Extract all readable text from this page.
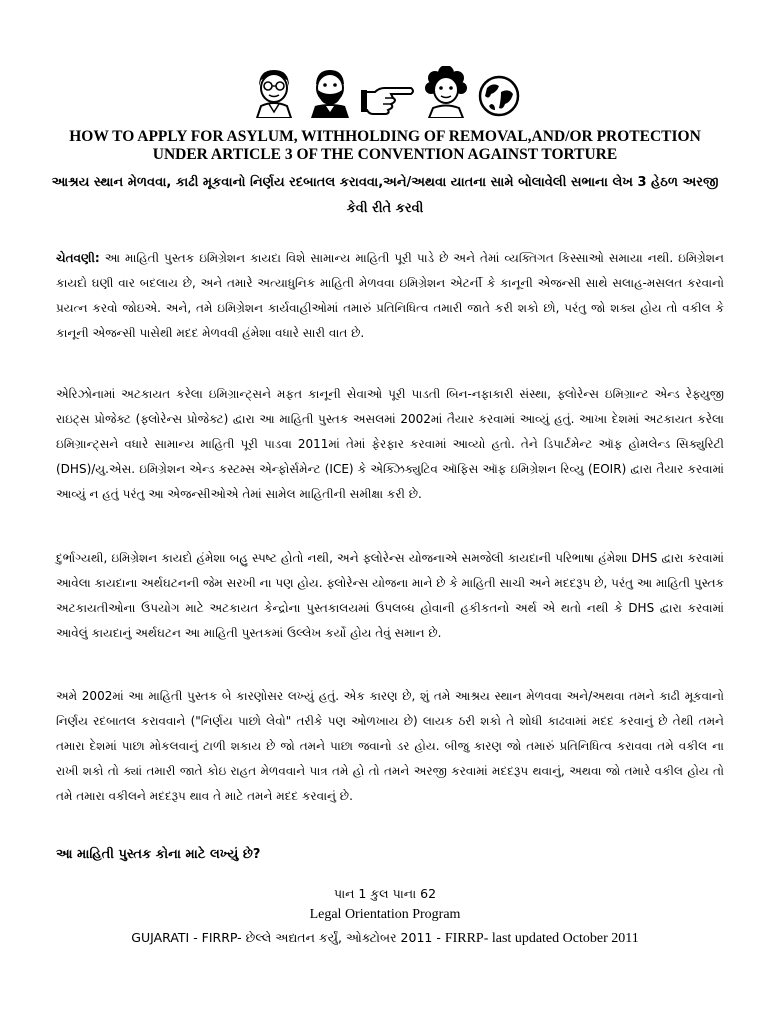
HOW TO APPLY FOR ASYLUM, WITHHOLDING OF REMOVAL,AND/OR PROTECTION UNDER ARTICLE 3 OF THE CONVENTION AGAINST TORTURE
આશ્રય સ્થાન મેળવવા, કાઢી મૂકવાનો નિર્ણય રદબાતલ કરાવવા,અને/અથવા યાતના સામે બોલાવેલી સભાના લેખ 3 હેઠળ અરજી કેવી રીતે કરવી
ચેતવણી: આ માહિતી પુસ્તક ઇમિગ્રેશન કાયદા વિશે સામાન્ય માહિતી પૂરી પાડે છે અને તેમાં વ્યક્તિગત કિસ્સાઓ સમાયા નથી. ઇમિગ્રેશન કાયદો ઘણી વાર બદલાય છે, અને તમારે અત્યાધુનિક માહિતી મેળવવા ઇમિગ્રેશન એટર્ની કે કાનૂની એજન્સી સાથે સલાહ-મસલત કરવાનો પ્રયત્ન કરવો જોઇએ. અને, તમે ઇમિગ્રેશન કાર્યવાહીઓમાં તમારું પ્રતિનિધિત્વ તમારી જાતે કરી શકો છો, પરંતુ જો શક્ય હોય તો વકીલ કે કાનૂની એજન્સી પાસેથી મદદ મેળવવી હંમેશા વધારે સારી વાત છે.
એરિઝોનામાં અટકાયત કરેલા ઇમિગ્રાન્ટ્સને મફત કાનૂની સેવાઓ પૂરી પાડતી બિન-નફાકારી સંસ્થા, ફ્લોરેન્સ ઇમિગ્રાન્ટ એન્ડ રેફ્યુજી રાઇટ્સ પ્રોજેક્ટ (ફ્લોરેન્સ પ્રોજેક્ટ) દ્વારા આ માહિતી પુસ્તક અસલમાં 2002માં તૈયાર કરવામાં આવ્યું હતું. આખા દેશમાં અટકાયત કરેલા ઇમિગ્રાન્ટ્સને વધારે સામાન્ય માહિતી પૂરી પાડવા 2011માં તેમાં ફેરફાર કરવામાં આવ્યો હતો. તેને ડિપાર્ટમેન્ટ ઑફ હોમલેન્ડ સિક્યુરિટી (DHS)/યુ.એસ. ઇમિગ્રેશન એન્ડ કસ્ટમ્સ એન્ફોર્સમેન્ટ (ICE) કે એક્ઝિક્યુટિવ ઑફિસ ઑફ ઇમિગ્રેશન રિવ્યુ (EOIR) દ્વારા તૈયાર કરવામાં આવ્યું ન હતું પરંતુ આ એજન્સીઓએ તેમાં સામેલ માહિતીની સમીક્ષા કરી છે.
દુર્ભાગ્યથી, ઇમિગ્રેશન કાયદો હંમેશા બહુ સ્પષ્ટ હોતો નથી, અને ફ્લોરેન્સ યોજનાએ સમજેલી કાયદાની પરિભાષા હંમેશા DHS દ્વારા કરવામાં આવેલા કાયદાના અર્થઘટનની જેમ સરખી ના પણ હોય. ફ્લોરેન્સ યોજના માને છે કે માહિતી સાચી અને મદદરૂપ છે, પરંતુ આ માહિતી પુસ્તક અટકાયતીઓના ઉપયોગ માટે અટકાયત કેન્દ્રોના પુસ્તકાલયમાં ઉપલબ્ધ હોવાની હકીકતનો અર્થ એ થતો નથી કે DHS દ્વારા કરવામાં આવેલું કાયદાનું અર્થઘટન આ માહિતી પુસ્તકમાં ઉલ્લેખ કર્યો હોય તેવું સમાન છે.
અમે 2002માં આ માહિતી પુસ્તક બે કારણોસર લખ્યું હતું. એક કારણ છે, શું તમે આશ્રય સ્થાન મેળવવા અને/અથવા તમને કાઢી મૂકવાનો નિર્ણય રદબાતલ કરાવવાને ("નિર્ણય પાછો લેવો" તરીકે પણ ઓળખાય છે) લાયક ઠરી શકો તે શોધી કાઢવામાં મદદ કરવાનું છે તેથી તમને તમારા દેશમાં પાછા મોકલવાનું ટાળી શકાય છે જો તમને પાછા જવાનો ડર હોય. બીજુ કારણ જો તમારું પ્રતિનિધિત્વ કરાવવા તમે વકીલ ના રાખી શકો તો ક્યાં તમારી જાતે કોઇ રાહત મેળવવાને પાત્ર તમે હો તો તમને અરજી કરવામાં મદદરૂપ થવાનું, અથવા જો તમારે વકીલ હોય તો તમે તમારા વકીલને મદદરૂપ થાવ તે માટે તમને મદદ કરવાનું છે.
આ માહિતી પુસ્તક કોના માટે લખ્યું છે?
પાન 1 કુલ પાના 62
Legal Orientation Program
GUJARATI - FIRRP- છેલ્લે અદ્યતન કર્યું, ઓક્ટોબર 2011 - FIRRP- last updated October 2011
